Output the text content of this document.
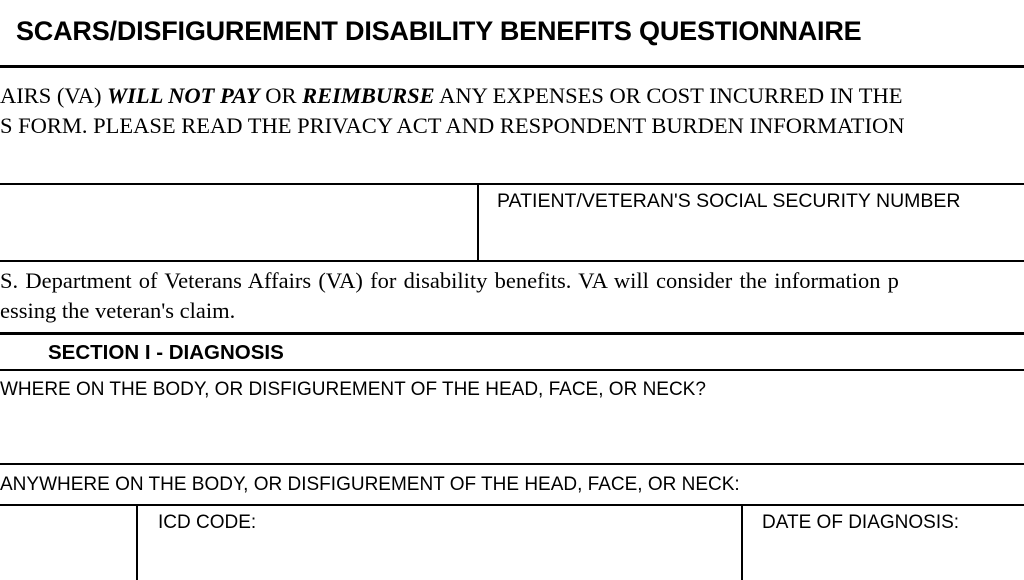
SCARS/DISFIGUREMENT DISABILITY BENEFITS QUESTIONNAIRE
AIRS (VA) WILL NOT PAY OR REIMBURSE ANY EXPENSES OR COST INCURRED IN THE
S FORM. PLEASE READ THE PRIVACY ACT AND RESPONDENT BURDEN INFORMATION
PATIENT/VETERAN'S SOCIAL SECURITY NUMBER
S. Department of Veterans Affairs (VA) for disability benefits. VA will consider the information p
essing the veteran's claim.
SECTION I - DIAGNOSIS
WHERE ON THE BODY, OR DISFIGUREMENT OF THE HEAD, FACE, OR NECK?
ANYWHERE ON THE BODY, OR DISFIGUREMENT OF THE HEAD, FACE, OR NECK:
ICD CODE:	DATE OF DIAGNOSIS:
